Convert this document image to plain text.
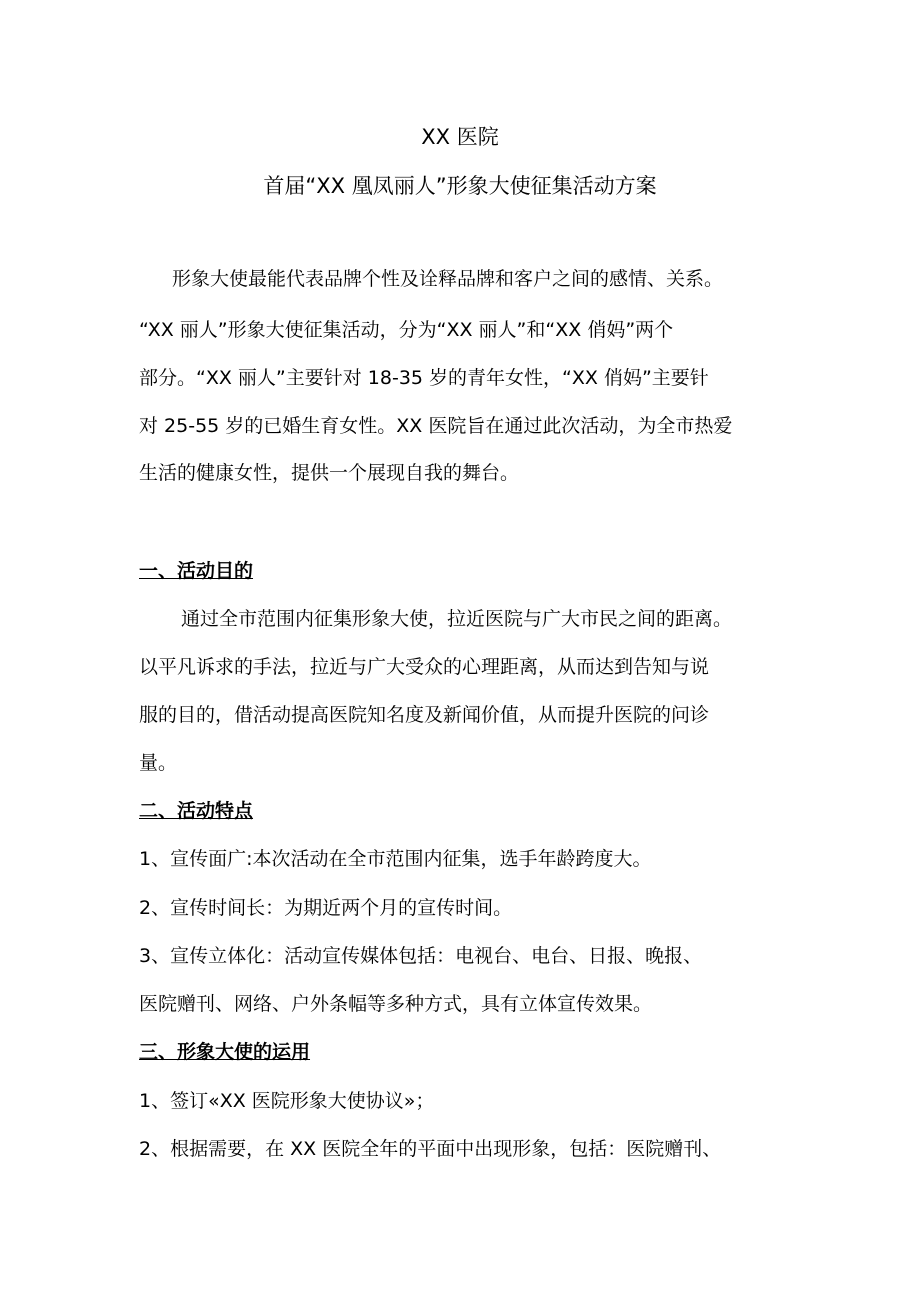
XX 医院
首届“XX 凰凤丽人”形象大使征集活动方案
形象大使最能代表品牌个性及诠释品牌和客户之间的感情、关系。
“XX 丽人”形象大使征集活动，分为“XX 丽人”和“XX 俏妈”两个
部分。“XX 丽人”主要针对 18-35 岁的青年女性，“XX 俏妈”主要针
对 25-55 岁的已婚生育女性。XX 医院旨在通过此次活动，为全市热爱
生活的健康女性，提供一个展现自我的舞台。
一、活动目的
通过全市范围内征集形象大使，拉近医院与广大市民之间的距离。
以平凡诉求的手法，拉近与广大受众的心理距离，从而达到告知与说
服的目的，借活动提高医院知名度及新闻价值，从而提升医院的问诊
量。
二、活动特点
1、宣传面广:本次活动在全市范围内征集，选手年龄跨度大。
2、宣传时间长：为期近两个月的宣传时间。
3、宣传立体化：活动宣传媒体包括：电视台、电台、日报、晚报、
医院赠刊、网络、户外条幅等多种方式，具有立体宣传效果。
三、形象大使的运用
1、签订«XX 医院形象大使协议»；
2、根据需要，在 XX 医院全年的平面中出现形象，包括：医院赠刊、
